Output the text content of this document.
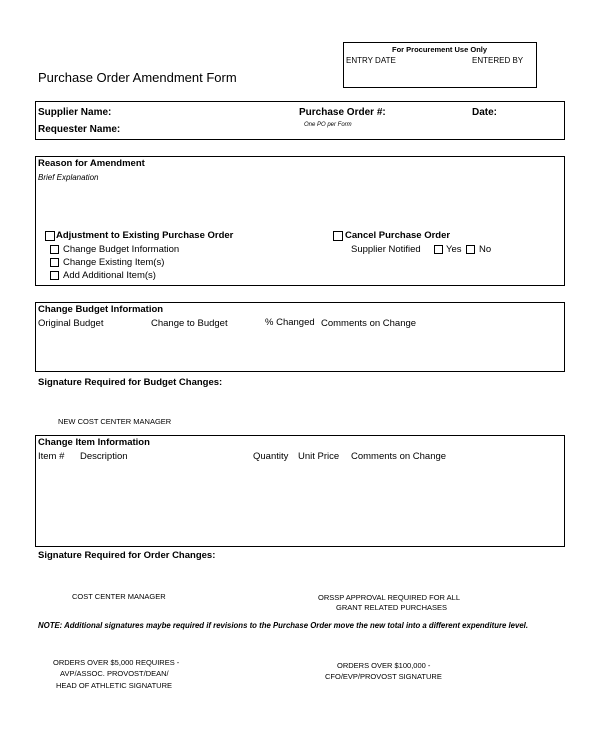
For Procurement Use Only
ENTRY DATE	ENTERED BY
Purchase Order Amendment Form
Supplier Name:	Purchase Order #:	Date:
Requester Name:	One PO per Form
Reason for Amendment
Brief Explanation
Adjustment to Existing Purchase Order
Change Budget Information
Change Existing Item(s)
Add Additional Item(s)
Cancel Purchase Order
Supplier Notified	Yes No
Change Budget Information
Original Budget	Change to Budget	% Changed Comments on Change
Signature Required for Budget Changes:
NEW COST CENTER MANAGER
Change Item Information
Item # Description	Quantity Unit Price Comments on Change
Signature Required for Order Changes:
COST CENTER MANAGER	ORSSP APPROVAL REQUIRED FOR ALL
GRANT RELATED PURCHASES
NOTE: Additional signatures maybe required if revisions to the Purchase Order move the new total into a different expenditure level.
ORDERS OVER $5,000 REQUIRES -
AVP/ASSOC. PROVOST/DEAN/
HEAD OF ATHLETIC SIGNATURE
ORDERS OVER $100,000 -
CFO/EVP/PROVOST SIGNATURE
